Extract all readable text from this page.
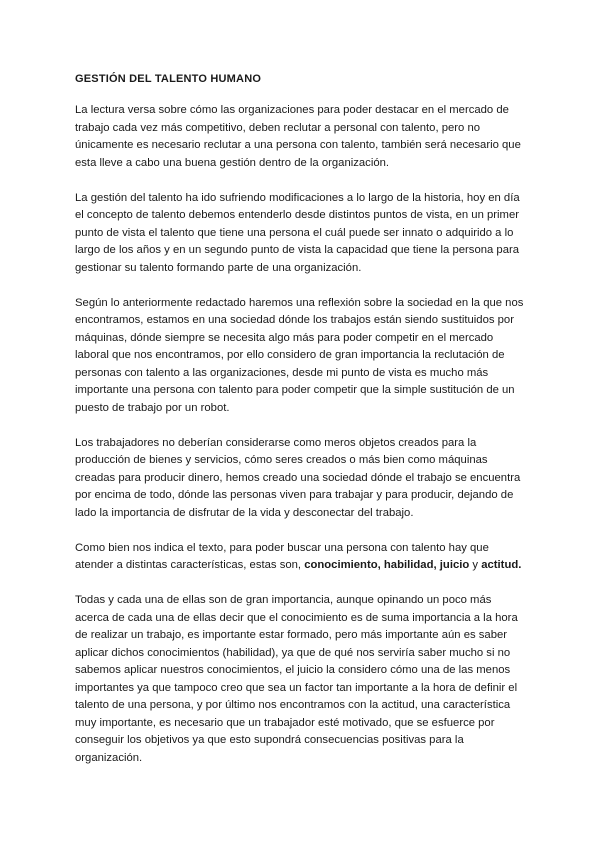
GESTIÓN DEL TALENTO HUMANO

La lectura versa sobre cómo las organizaciones para poder destacar en el mercado de trabajo cada vez más competitivo, deben reclutar a personal con talento, pero no únicamente es necesario reclutar a una persona con talento, también será necesario que esta lleve a cabo una buena gestión dentro de la organización.

La gestión del talento ha ido sufriendo modificaciones a lo largo de la historia, hoy en día el concepto de talento debemos entenderlo desde distintos puntos de vista, en un primer punto de vista el talento que tiene una persona el cuál puede ser innato o adquirido a lo largo de los años y en un segundo punto de vista la capacidad que tiene la persona para gestionar su talento formando parte de una organización.

Según lo anteriormente redactado haremos una reflexión sobre la sociedad en la que nos encontramos, estamos en una sociedad dónde los trabajos están siendo sustituidos por máquinas, dónde siempre se necesita algo más para poder competir en el mercado laboral que nos encontramos, por ello considero de gran importancia la reclutación de personas con talento a las organizaciones, desde mi punto de vista es mucho más importante una persona con talento para poder competir que la simple sustitución de un puesto de trabajo por un robot.

Los trabajadores no deberían considerarse como meros objetos creados para la producción de bienes y servicios, cómo seres creados o más bien como máquinas creadas para producir dinero, hemos creado una sociedad dónde el trabajo se encuentra por encima de todo, dónde las personas viven para trabajar y para producir, dejando de lado la importancia de disfrutar de la vida y desconectar del trabajo.

Como bien nos indica el texto, para poder buscar una persona con talento hay que atender a distintas características, estas son, conocimiento, habilidad, juicio y actitud.

Todas y cada una de ellas son de gran importancia, aunque opinando un poco más acerca de cada una de ellas decir que el conocimiento es de suma importancia a la hora de realizar un trabajo, es importante estar formado, pero más importante aún es saber aplicar dichos conocimientos (habilidad), ya que de qué nos serviría saber mucho si no sabemos aplicar nuestros conocimientos, el juicio la considero cómo una de las menos importantes ya que tampoco creo que sea un factor tan importante a la hora de definir el talento de una persona, y por último nos encontramos con la actitud, una característica muy importante, es necesario que un trabajador esté motivado, que se esfuerce por conseguir los objetivos ya que esto supondrá consecuencias positivas para la organización.
